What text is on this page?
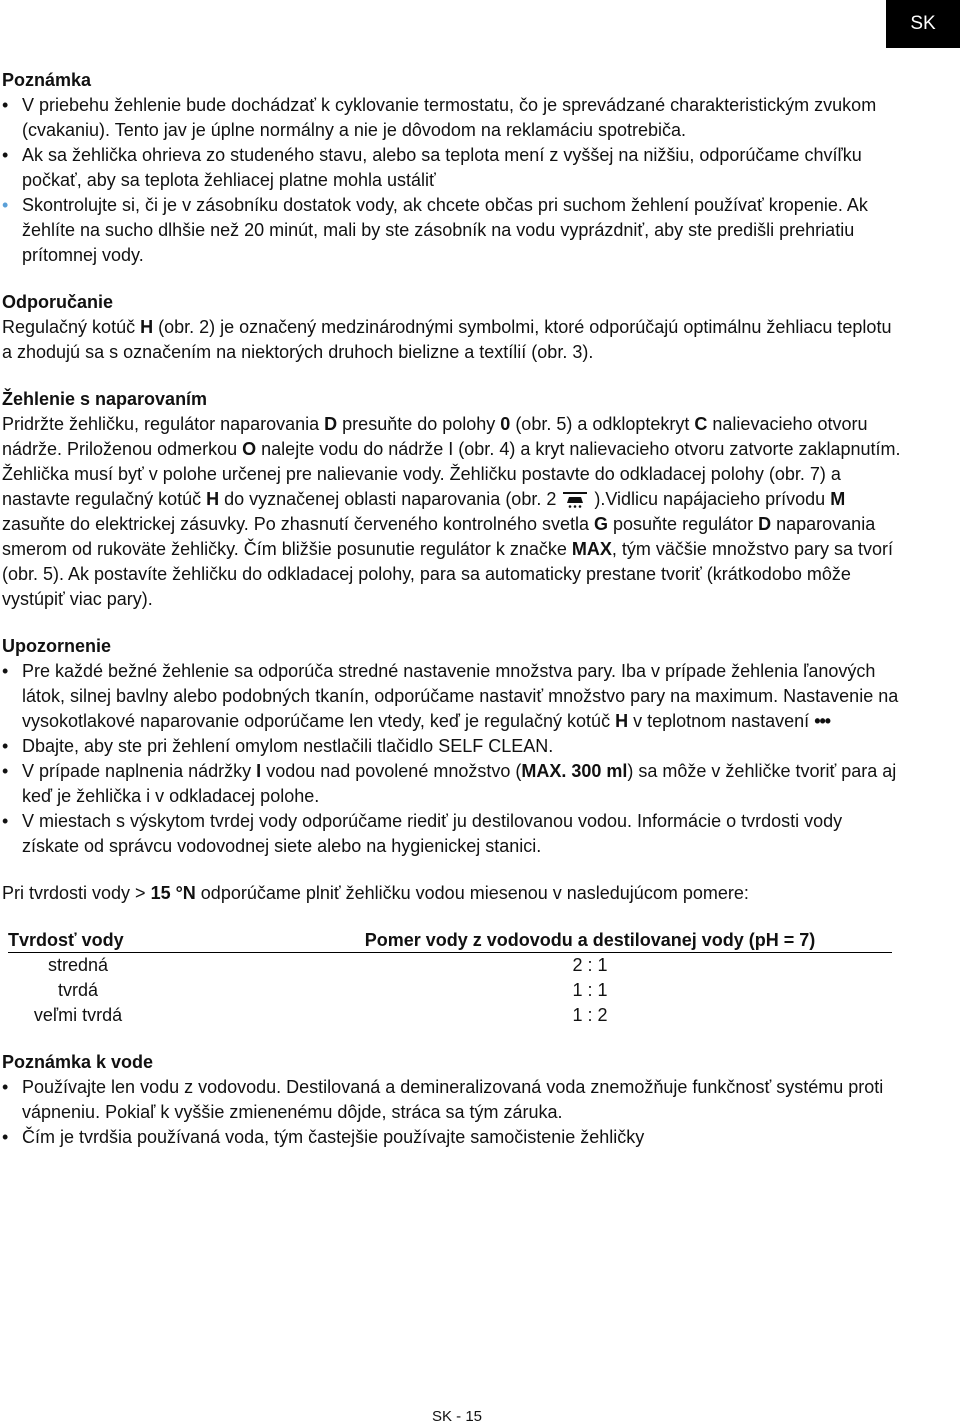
SK
Poznámka
• V priebehu žehlenie bude dochádzať k cyklovanie termostatu, čo je sprevádzané charakteristickým zvukom (cvakaniu). Tento jav je úplne normálny a nie je dôvodom na reklamáciu spotrebiča.
• Ak sa žehlička ohrieva zo studeného stavu, alebo sa teplota mení z vyššej na nižšiu, odporúčame chvíľku počkať, aby sa teplota žehliacej platne mohla ustáliť
• Skontrolujte si, či je v zásobníku dostatok vody, ak chcete občas pri suchom žehlení používať kropenie. Ak žehlíte na sucho dlhšie než 20 minút, mali by ste zásobník na vodu vyprázdniť, aby ste predišli prehriatiu prítomnej vody.
Odporučanie

Regulačný kotúč H (obr. 2) je označený medzinárodnými symbolmi, ktoré odporúčajú optimálnu žehliacu teplotu a zhodujú sa s označením na niektorých druhoch bielizne a textílií (obr. 3).

Žehlenie s naparovaním

Pridržte žehličku, regulátor naparovania D presuňte do polohy 0 (obr. 5) a odkloptekryt C nalievacieho otvoru nádrže. Priloženou odmerkou O nalejte vodu do nádrže I (obr. 4) a kryt nalievacieho otvoru zatvorte zaklapnutím. Žehlička musí byť v polohe určenej pre nalievanie vody. Žehličku postavte do odkladacej polohy (obr. 7) a nastavte regulačný kotúč H do vyznačenej oblasti naparovania (obr. 2  ).Vidlicu napájacieho prívodu M zasuňte do elektrickej zásuvky. Po zhasnutí červeného kontrolného svetla G posuňte regulátor D naparovania smerom od rukoväte žehličky. Čím bližšie posunutie regulátor k značke MAX, tým väčšie množstvo pary sa tvorí (obr. 5). Ak postavíte žehličku do odkladacej polohy, para sa automaticky prestane tvoriť (krátkodobo môže vystúpiť viac pary).

Upozornenie
• Pre každé bežné žehlenie sa odporúča stredné nastavenie množstva pary. Iba v prípade žehlenia ľanových látok, silnej bavlny alebo podobných tkanín, odporúčame nastaviť množstvo pary na maximum. Nastavenie na vysokotlakové naparovanie odporúčame len vtedy, keď je regulačný kotúč H v teplotnom nastavení •••
• Dbajte, aby ste pri žehlení omylom nestlačili tlačidlo SELF CLEAN.
• V prípade naplnenia nádržky I vodou nad povolené množstvo (MAX. 300 ml) sa môže v žehličke tvoriť para aj keď je žehlička i v odkladacej polohe.
• V miestach s výskytom tvrdej vody odporúčame riediť ju destilovanou vodou. Informácie o tvrdosti vody získate od správcu vodovodnej siete alebo na hygienickej stanici.

Pri tvrdosti vody > 15 °N odporúčame plniť žehličku vodou miesenou v nasledujúcom pomere:

Tvrdosť vody	Pomer vody z vodovodu a destilovanej vody (pH = 7)
stredná	2 : 1
tvrdá	1 : 1
veľmi tvrdá	1 : 2
Poznámka k vode
• Používajte len vodu z vodovodu. Destilovaná a demineralizovaná voda znemožňuje funkčnosť systému proti vápneniu. Pokiaľ k vyššie zmienenému dôjde, stráca sa tým záruka.
• Čím je tvrdšia používaná voda, tým častejšie používajte samočistenie žehličky
SK - 15
